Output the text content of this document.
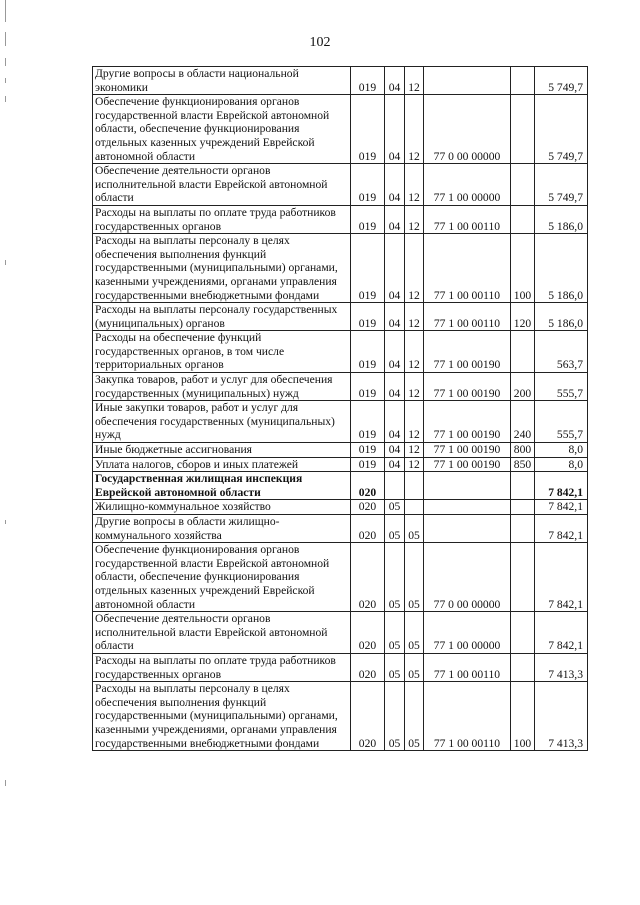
102
Другие вопросы в области национальной экономики	019	04	12			5 749,7
Обеспечение функционирования органов государственной власти Еврейской автономной области, обеспечение функционирования отдельных казенных учреждений Еврейской автономной области	019	04	12	77 0 00 00000		5 749,7
Обеспечение деятельности органов исполнительной власти Еврейской автономной области	019	04	12	77 1 00 00000		5 749,7
Расходы на выплаты по оплате труда работников государственных органов	019	04	12	77 1 00 00110		5 186,0
Расходы на выплаты персоналу в целях обеспечения выполнения функций государственными (муниципальными) органами, казенными учреждениями, органами управления государственными внебюджетными фондами	019	04	12	77 1 00 00110	100	5 186,0
Расходы на выплаты персоналу государственных (муниципальных) органов	019	04	12	77 1 00 00110	120	5 186,0
Расходы на обеспечение функций государственных органов, в том числе территориальных органов	019	04	12	77 1 00 00190		563,7
Закупка товаров, работ и услуг для обеспечения государственных (муниципальных) нужд	019	04	12	77 1 00 00190	200	555,7
Иные закупки товаров, работ и услуг для обеспечения государственных (муниципальных) нужд	019	04	12	77 1 00 00190	240	555,7
Иные бюджетные ассигнования	019	04	12	77 1 00 00190	800	8,0
Уплата налогов, сборов и иных платежей	019	04	12	77 1 00 00190	850	8,0
Государственная жилищная инспекция Еврейской автономной области	020					7 842,1
Жилищно-коммунальное хозяйство	020	05				7 842,1
Другие вопросы в области жилищно-коммунального хозяйства	020	05	05			7 842,1
Обеспечение функционирования органов государственной власти Еврейской автономной области, обеспечение функционирования отдельных казенных учреждений Еврейской автономной области	020	05	05	77 0 00 00000		7 842,1
Обеспечение деятельности органов исполнительной власти Еврейской автономной области	020	05	05	77 1 00 00000		7 842,1
Расходы на выплаты по оплате труда работников государственных органов	020	05	05	77 1 00 00110		7 413,3
Расходы на выплаты персоналу в целях обеспечения выполнения функций государственными (муниципальными) органами, казенными учреждениями, органами управления государственными внебюджетными фондами	020	05	05	77 1 00 00110	100	7 413,3
